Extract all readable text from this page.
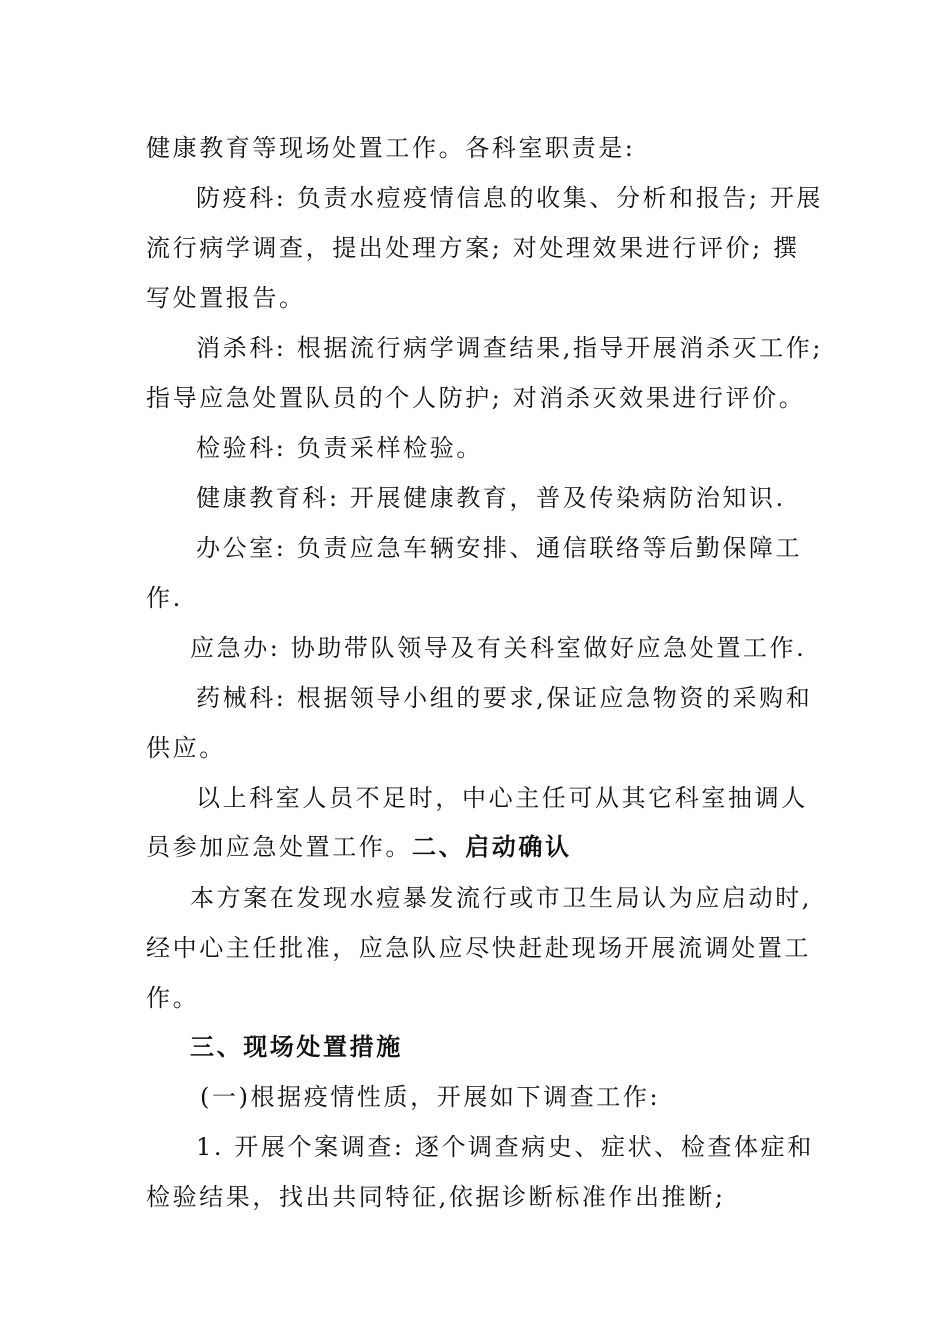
健康教育等现场处置工作。各科室职责是:
防疫科: 负责水痘疫情信息的收集、分析和报告; 开展
流行病学调查，提出处理方案; 对处理效果进行评价; 撰
写处置报告。
消杀科: 根据流行病学调查结果,指导开展消杀灭工作;
指导应急处置队员的个人防护; 对消杀灭效果进行评价。
检验科: 负责采样检验。
健康教育科: 开展健康教育，普及传染病防治知识.
办公室: 负责应急车辆安排、通信联络等后勤保障工
作.
应急办: 协助带队领导及有关科室做好应急处置工作.
药械科: 根据领导小组的要求,保证应急物资的采购和
供应。
以上科室人员不足时，中心主任可从其它科室抽调人
员参加应急处置工作。二、启动确认
本方案在发现水痘暴发流行或市卫生局认为应启动时,
经中心主任批准，应急队应尽快赶赴现场开展流调处置工
作。
三、现场处置措施
(一)根据疫情性质，开展如下调查工作:
1. 开展个案调查: 逐个调查病史、症状、检查体症和
检验结果，找出共同特征,依据诊断标准作出推断;
